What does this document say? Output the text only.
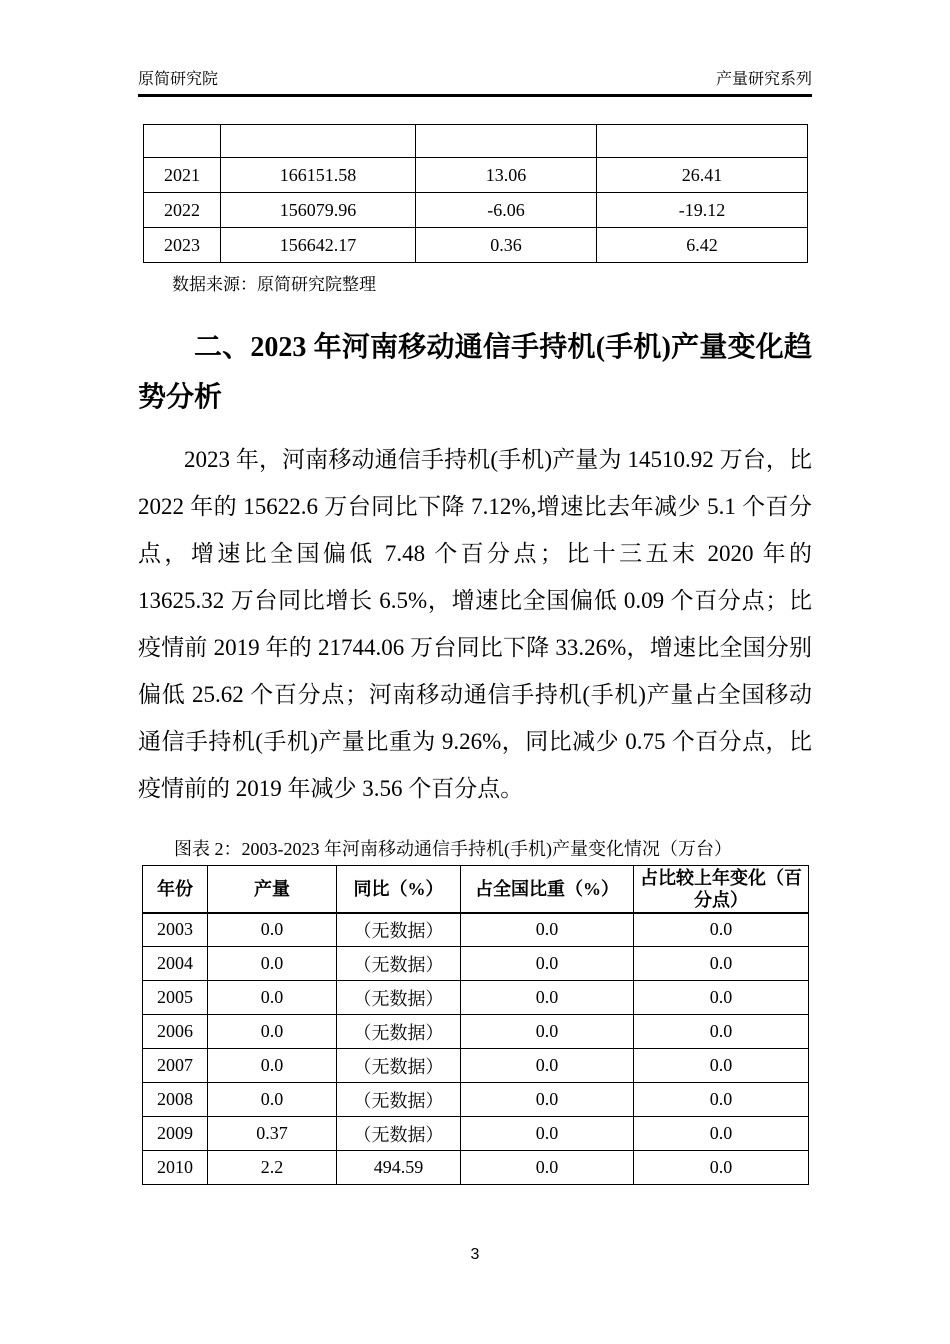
原简研究院	产量研究系列

2021	166151.58	13.06	26.41
2022	156079.96	-6.06	-19.12
2023	156642.17	0.36	6.42
数据来源：原简研究院整理
二、2023 年河南移动通信手持机(手机)产量变化趋势分析

2023 年，河南移动通信手持机(手机)产量为 14510.92 万台，比 2022 年的 15622.6 万台同比下降 7.12%,增速比去年减少 5.1 个百分点，增速比全国偏低 7.48 个百分点；比十三五末 2020 年的 13625.32 万台同比增长 6.5%，增速比全国偏低 0.09 个百分点；比疫情前 2019 年的 21744.06 万台同比下降 33.26%，增速比全国分别偏低 25.62 个百分点；河南移动通信手持机(手机)产量占全国移动通信手持机(手机)产量比重为 9.26%，同比减少 0.75 个百分点，比疫情前的 2019 年减少 3.56 个百分点。

图表 2：2003-2023 年河南移动通信手持机(手机)产量变化情况（万台）
年份	产量	同比（%）	占全国比重（%）	占比较上年变化（百分点）
2003	0.0	（无数据）	0.0	0.0
2004	0.0	（无数据）	0.0	0.0
2005	0.0	（无数据）	0.0	0.0
2006	0.0	（无数据）	0.0	0.0
2007	0.0	（无数据）	0.0	0.0
2008	0.0	（无数据）	0.0	0.0
2009	0.37	（无数据）	0.0	0.0
2010	2.2	494.59	0.0	0.0
3
